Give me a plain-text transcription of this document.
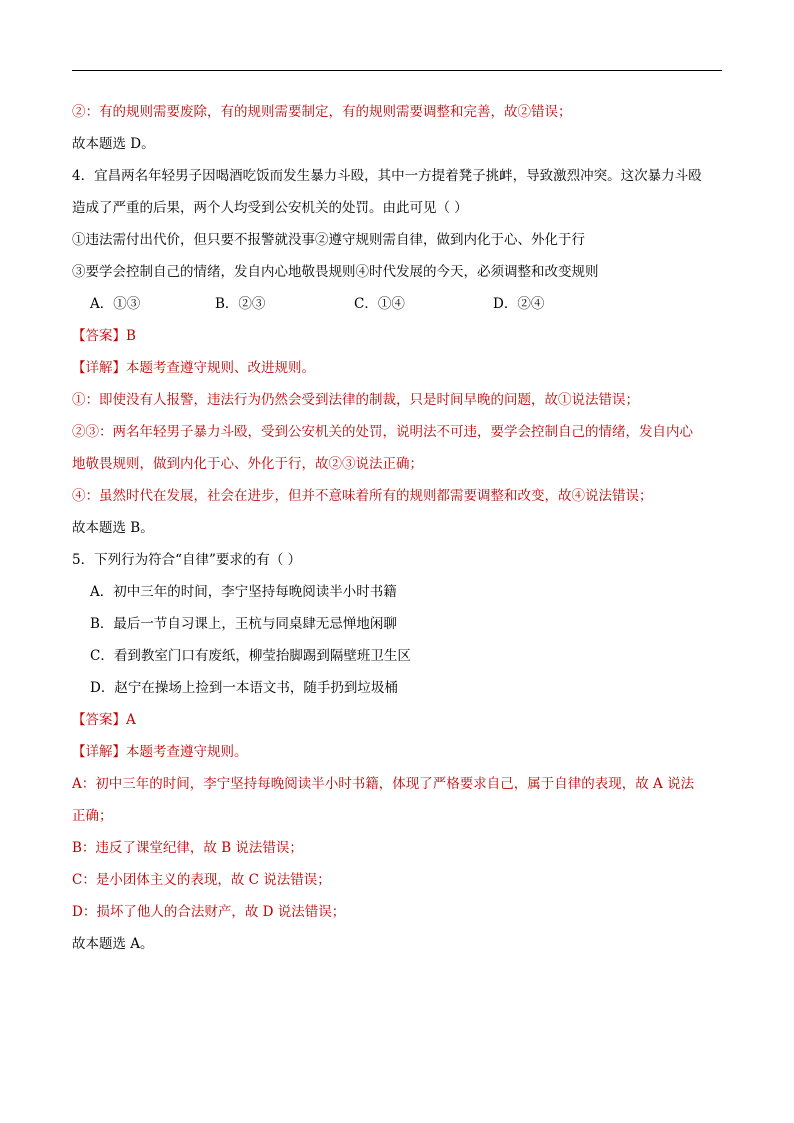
②：有的规则需要废除，有的规则需要制定，有的规则需要调整和完善，故②错误；
故本题选 D。
4．宜昌两名年轻男子因喝酒吃饭而发生暴力斗殴，其中一方提着凳子挑衅，导致激烈冲突。这次暴力斗殴
造成了严重的后果，两个人均受到公安机关的处罚。由此可见（ ）
①违法需付出代价，但只要不报警就没事②遵守规则需自律，做到内化于心、外化于行
③要学会控制自己的情绪，发自内心地敬畏规则④时代发展的今天，必须调整和改变规则
A．①③	B．②③	C．①④	D．②④
【答案】B
【详解】本题考查遵守规则、改进规则。
①：即使没有人报警，违法行为仍然会受到法律的制裁，只是时间早晚的问题，故①说法错误；
②③：两名年轻男子暴力斗殴，受到公安机关的处罚，说明法不可违，要学会控制自己的情绪，发自内心
地敬畏规则，做到内化于心、外化于行，故②③说法正确；
④：虽然时代在发展，社会在进步，但并不意味着所有的规则都需要调整和改变，故④说法错误；
故本题选 B。
5．下列行为符合“自律”要求的有（ ）
A．初中三年的时间，李宁坚持每晚阅读半小时书籍
B．最后一节自习课上，王杭与同桌肆无忌惮地闲聊
C．看到教室门口有废纸，柳莹抬脚踢到隔壁班卫生区
D．赵宁在操场上捡到一本语文书，随手扔到垃圾桶
【答案】A
【详解】本题考查遵守规则。
A：初中三年的时间，李宁坚持每晚阅读半小时书籍，体现了严格要求自己，属于自律的表现，故 A 说法
正确；
B：违反了课堂纪律，故 B 说法错误；
C：是小团体主义的表现，故 C 说法错误；
D：损坏了他人的合法财产，故 D 说法错误；
故本题选 A。
